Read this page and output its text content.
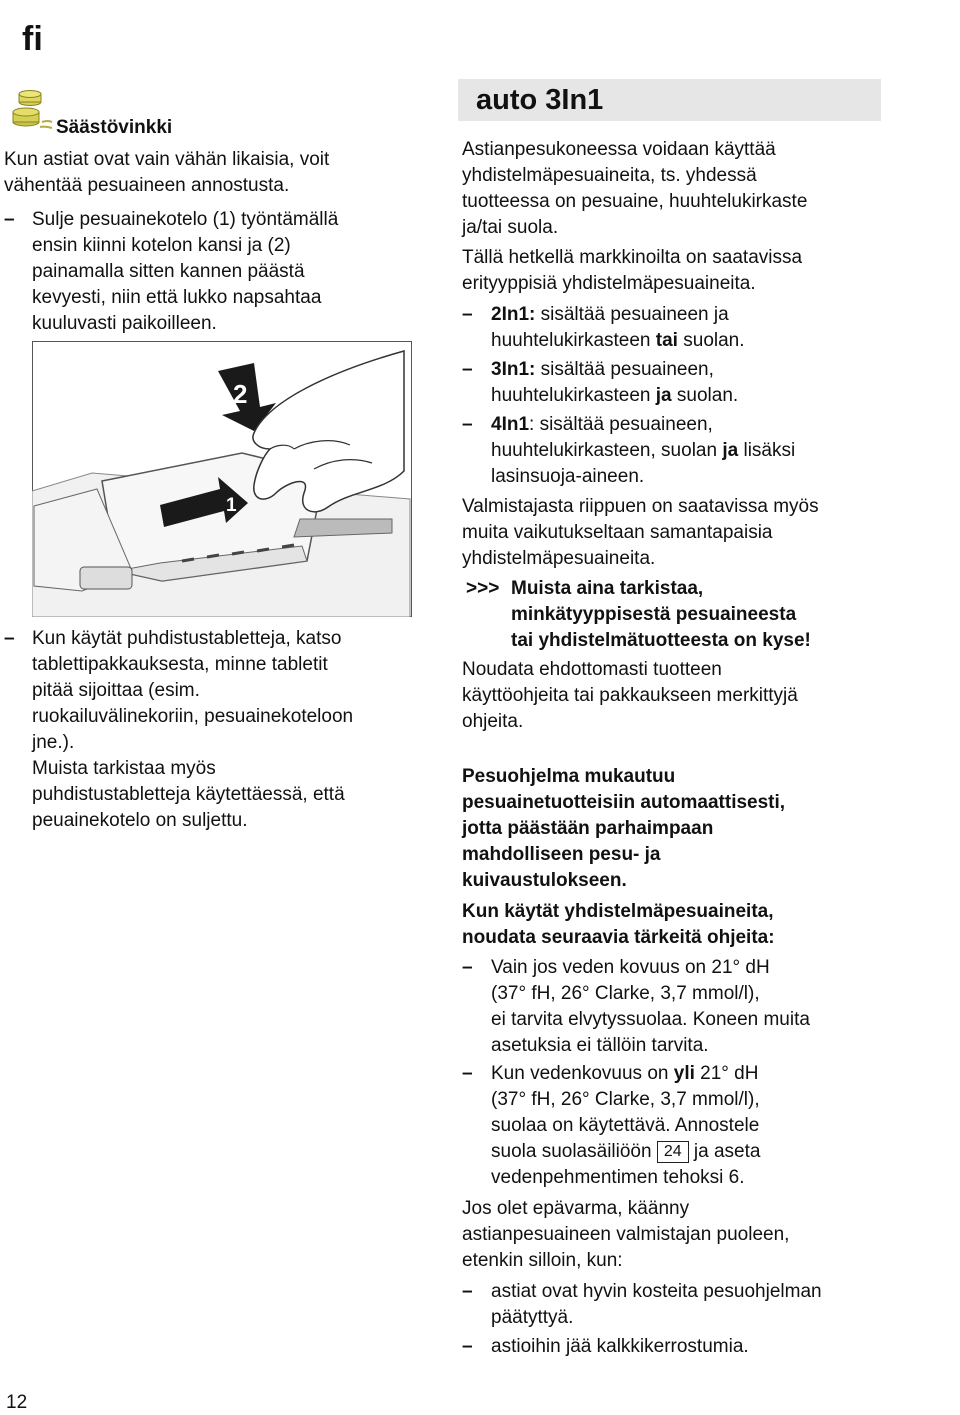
fi
12
Säästövinkki
Kun astiat ovat vain vähän likaisia, voit
vähentää pesuaineen annostusta.
– Sulje pesuainekotelo (1) työntämällä
ensin kiinni kotelon kansi ja (2)
painamalla sitten kannen päästä
kevyesti, niin että lukko napsahtaa
kuuluvasti paikoilleen.
1
2
– Kun käytät puhdistustabletteja, katso
tablettipakkauksesta, minne tabletit
pitää sijoittaa (esim.
ruokailuvälinekoriin, pesuainekoteloon
jne.).
Muista tarkistaa myös
puhdistustabletteja käytettäessä, että
peuainekotelo on suljettu.
auto 3In1
Astianpesukoneessa voidaan käyttää
yhdistelmäpesuaineita, ts. yhdessä
tuotteessa on pesuaine, huuhtelukirkaste
ja/tai suola.
Tällä hetkellä markkinoilta on saatavissa
erityyppisiä yhdistelmäpesuaineita.
– 2In1: sisältää pesuaineen ja
huuhtelukirkasteen tai suolan.
– 3In1: sisältää pesuaineen,
huuhtelukirkasteen ja suolan.
– 4In1: sisältää pesuaineen,
huuhtelukirkasteen, suolan ja lisäksi
lasinsuoja-aineen.
Valmistajasta riippuen on saatavissa myös
muita vaikutukseltaan samantapaisia
yhdistelmäpesuaineita.
>>> Muista aina tarkistaa,
minkätyyppisestä pesuaineesta
tai yhdistelmätuotteesta on kyse!
Noudata ehdottomasti tuotteen
käyttöohjeita tai pakkaukseen merkittyjä
ohjeita.
Pesuohjelma mukautuu
pesuainetuotteisiin automaattisesti,
jotta päästään parhaimpaan
mahdolliseen pesu- ja
kuivaustulokseen.
Kun käytät yhdistelmäpesuaineita,
noudata seuraavia tärkeitä ohjeita:
– Vain jos veden kovuus on 21° dH
(37° fH, 26° Clarke, 3,7 mmol/l),
ei tarvita elvytyssuolaa. Koneen muita
asetuksia ei tällöin tarvita.
– Kun vedenkovuus on yli 21° dH
(37° fH, 26° Clarke, 3,7 mmol/l),
suolaa on käytettävä. Annostele
suola suolasäiliöön 24 ja aseta
vedenpehmentimen tehoksi 6.
Jos olet epävarma, käänny
astianpesuaineen valmistajan puoleen,
etenkin silloin, kun:
– astiat ovat hyvin kosteita pesuohjelman
päätyttyä.
– astioihin jää kalkkikerrostumia.
